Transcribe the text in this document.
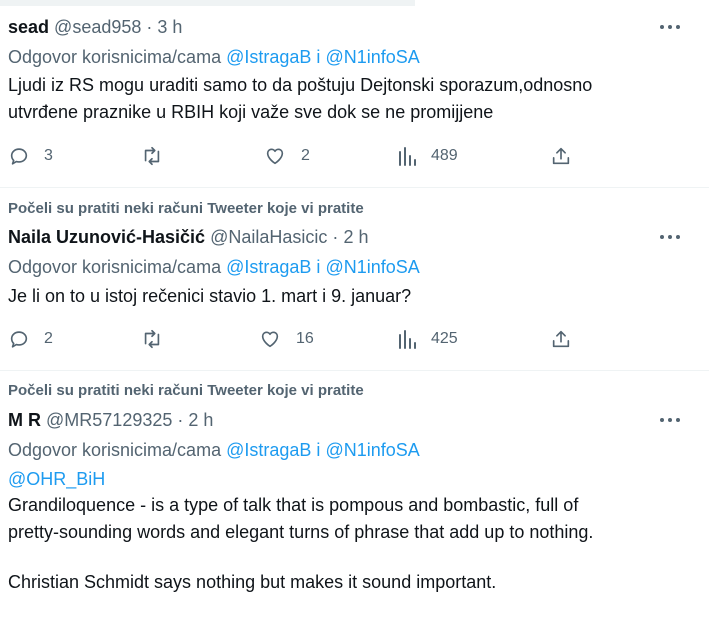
sead @sead958 · 3 h
Odgovor korisnicima/cama @IstragaB i @N1infoSA
Ljudi iz RS mogu uraditi samo to da poštuju Dejtonski sporazum,odnosno
utvrđene praznike u RBIH koji važe sve dok se ne promijjene
3	2	489
Počeli su pratiti neki računi Tweeter koje vi pratite
Naila Uzunović-Hasičić @NailaHasicic · 2 h
Odgovor korisnicima/cama @IstragaB i @N1infoSA
Je li on to u istoj rečenici stavio 1. mart i 9. januar?
2	16	425
Počeli su pratiti neki računi Tweeter koje vi pratite
M R @MR57129325 · 2 h
Odgovor korisnicima/cama @IstragaB i @N1infoSA
@OHR_BiH
Grandiloquence - is a type of talk that is pompous and bombastic, full of
pretty-sounding words and elegant turns of phrase that add up to nothing.
Christian Schmidt says nothing but makes it sound important.
